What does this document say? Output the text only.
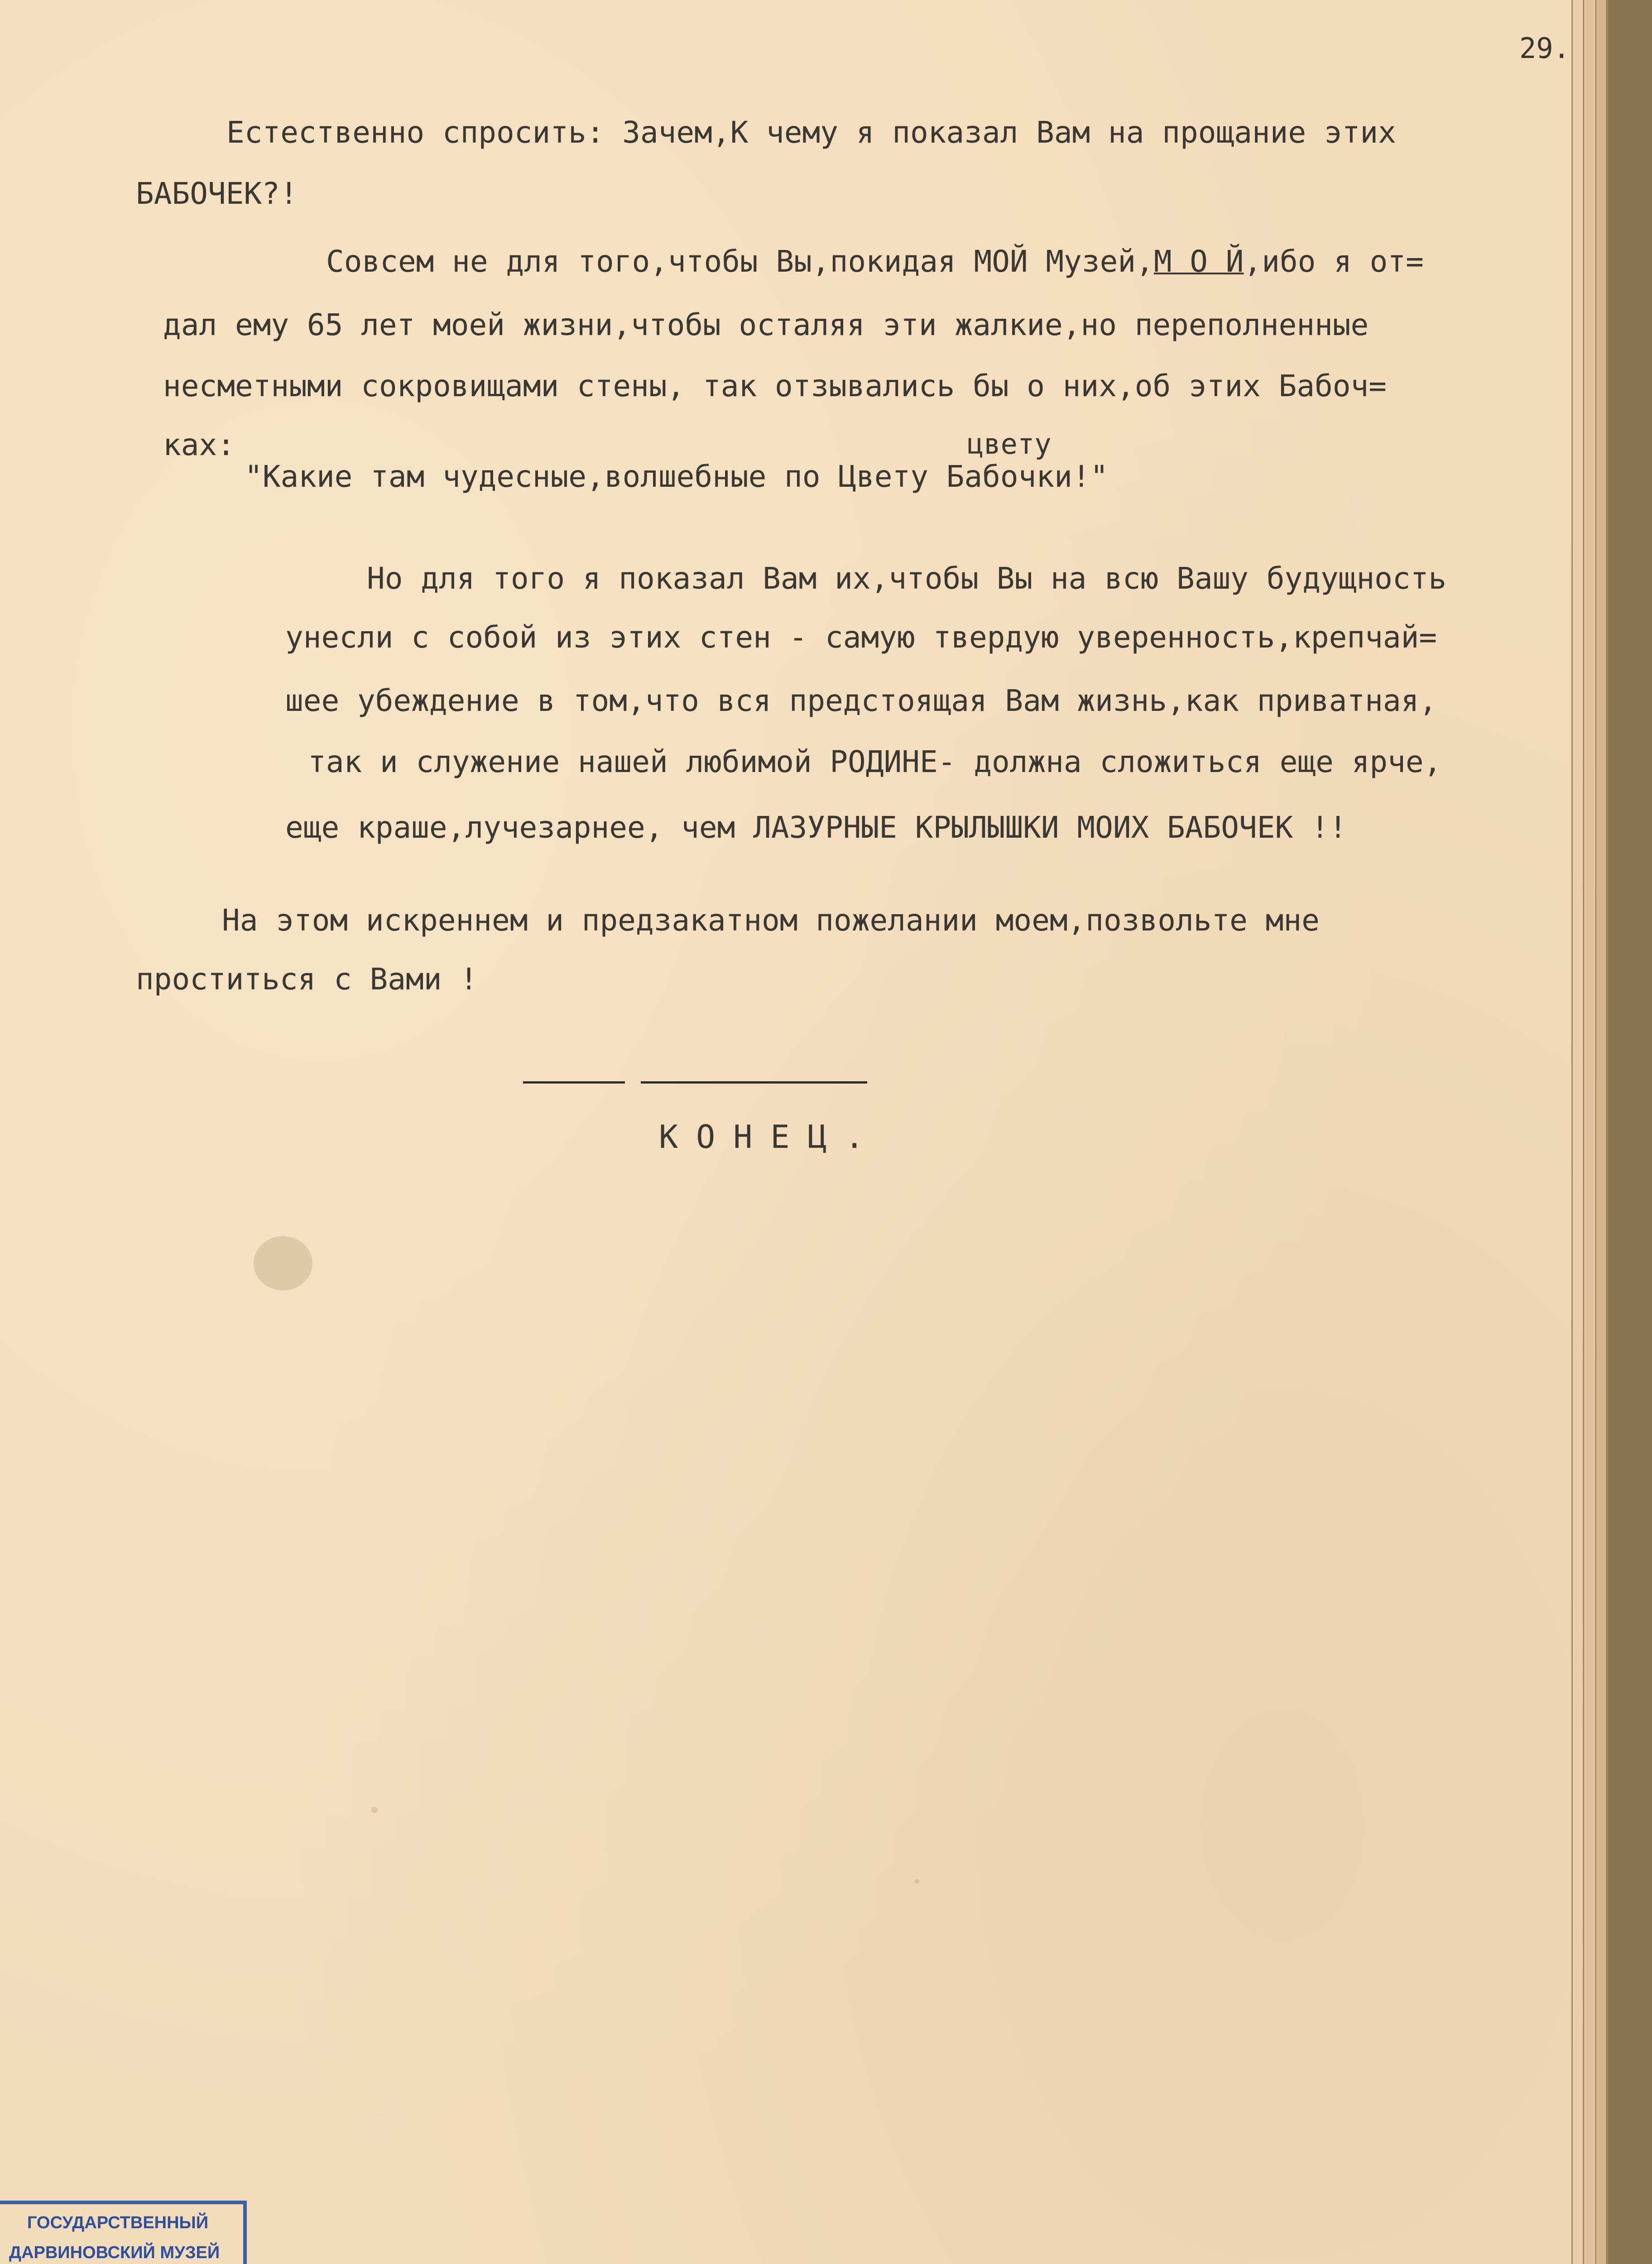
29.

Естественно спросить: Зачем,К чему я показал Вам на прощание этих

БАБОЧЕК?!

Совсем не для того,чтобы Вы,покидая МОЙ Музей,М О Й,ибо я от=

дал ему 65 лет моей жизни,чтобы осталяя эти жалкие,но переполненные

несметными сокровищами стены, так отзывались бы о них,об этих Бабоч=

цвету

ках:

"Какие там чудесные,волшебные по Цвету Бабочки!"

Но для того я показал Вам их,чтобы Вы на всю Вашу будущность

унесли с собой из этих стен - самую твердую уверенность,крепчай=

шее убеждение в том,что вся предстоящая Вам жизнь,как приватная,

так и служение нашей любимой РОДИНЕ- должна сложиться еще ярче,

еще краше,лучезарнее, чем ЛАЗУРНЫЕ КРЫЛЫШКИ МОИХ БАБОЧЕК !!

На этом искреннем и предзакатном пожелании моем,позвольте мне

проститься с Вами !

КОНЕЦ.

ГОСУДАРСТВЕННЫЙ
ДАРВИНОВСКИЙ МУЗЕЙ
